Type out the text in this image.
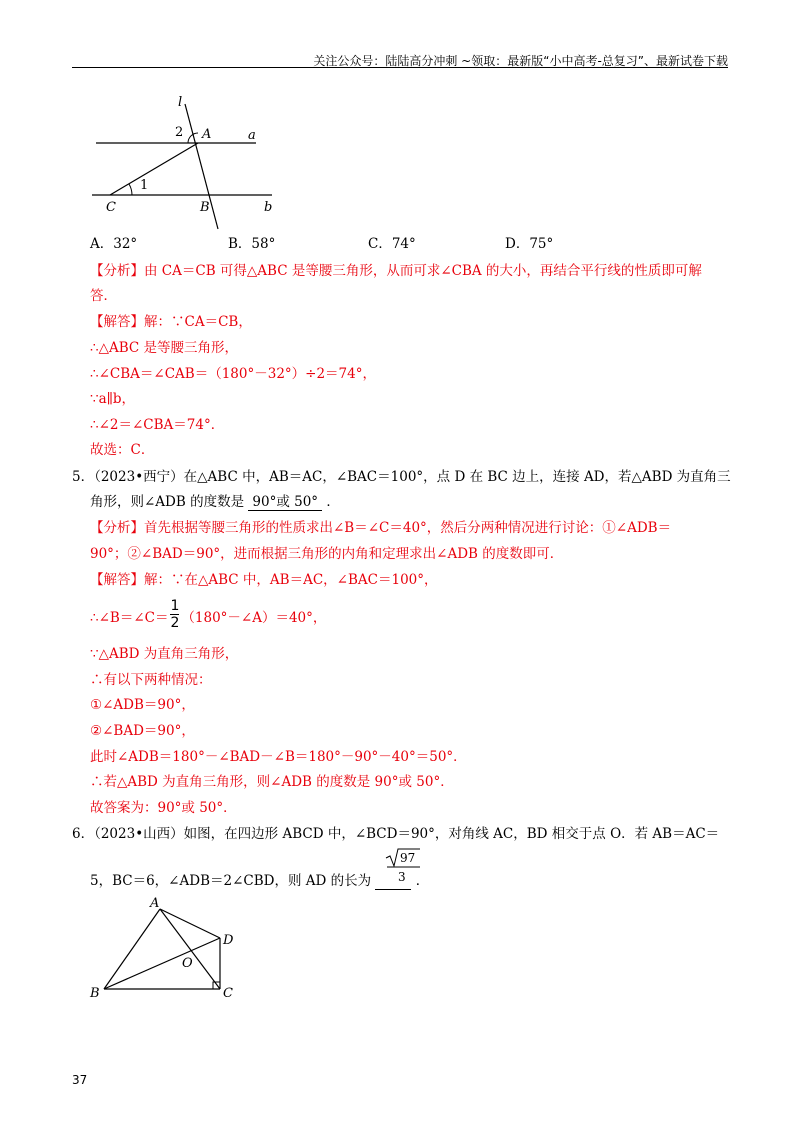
关注公众号：陆陆高分冲刺 ~领取：最新版“小中高考-总复习”、最新试卷下载
l
2 A	a
1
C	B	b
A．32°	B．58°	C．74°	D．75°
【分析】由 CA＝CB 可得△ABC 是等腰三角形，从而可求∠CBA 的大小，再结合平行线的性质即可解
答．
【解答】解：∵CA＝CB，
∴△ABC 是等腰三角形，
∴∠CBA＝∠CAB＝（180°－32°）÷2＝74°，
∵a∥b，
∴∠2＝∠CBA＝74°．
故选：C．
5．（2023•西宁）在△ABC 中，AB＝AC，∠BAC＝100°，点 D 在 BC 边上，连接 AD，若△ABD 为直角三
角形，则∠ADB 的度数是 90°或 50° ．
【分析】首先根据等腰三角形的性质求出∠B＝∠C＝40°，然后分两种情况进行讨论：①∠ADB＝
90°；②∠BAD＝90°，进而根据三角形的内角和定理求出∠ADB 的度数即可．
【解答】解：∵在△ABC 中，AB＝AC，∠BAC＝100°，
∴∠B＝∠C＝ $\frac{1}{2}$ （180°－∠A）＝40°，
∵△ABD 为直角三角形，
∴有以下两种情况：
①∠ADB＝90°，
②∠BAD＝90°，
此时∠ADB＝180°－∠BAD－∠B＝180°－90°－40°＝50°．
∴若△ABD 为直角三角形，则∠ADB 的度数是 90°或 50°．
故答案为：90°或 50°．
6．（2023•山西）如图，在四边形 ABCD 中，∠BCD＝90°，对角线 AC，BD 相交于点 O．若 AB＝AC＝
5，BC＝6，∠ADB＝2∠CBD，则 AD 的长为	．
97
3
A
D
O
B	C
37
